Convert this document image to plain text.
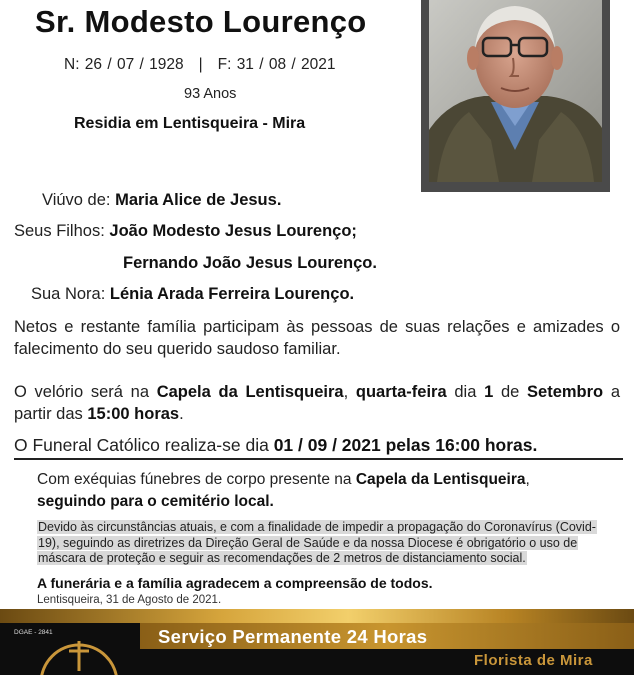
Sr. Modesto Lourenço
N: 26 / 07 / 1928 | F: 31 / 08 / 2021
93 Anos
Residia em Lentisqueira - Mira
Viúvo de: Maria Alice de Jesus.
Seus Filhos: João Modesto Jesus Lourenço;
Fernando João Jesus Lourenço.
Sua Nora: Lénia Arada Ferreira Lourenço.

Netos e restante família participam às pessoas de suas relações e amizades o falecimento do seu querido saudoso familiar.

O velório será na Capela da Lentisqueira, quarta-feira dia 1 de Setembro a partir das 15:00 horas.

O Funeral Católico realiza-se dia 01 / 09 / 2021 pelas 16:00 horas.
Com exéquias fúnebres de corpo presente na Capela da Lentisqueira,
seguindo para o cemitério local.

Devido às circunstâncias atuais, e com a finalidade de impedir a propagação do Coronavírus (Covid-19), seguindo as diretrizes da Direção Geral de Saúde e da nossa Diocese é obrigatório o uso de máscara de proteção e seguir as recomendações de 2 metros de distanciamento social.

A funerária e a família agradecem a compreensão de todos.
Lentisqueira, 31 de Agosto de 2021.
DGAE - 2841	Serviço Permanente 24 Horas
Florista de Mira
